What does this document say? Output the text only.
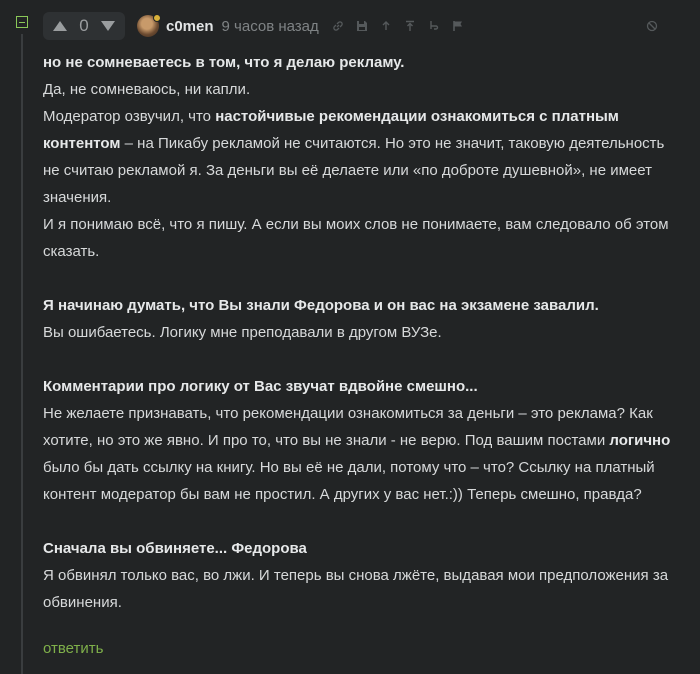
0	c0men 9 часов назад

но не сомневаетесь в том, что я делаю рекламу.
Да, не сомневаюсь, ни капли.
Модератор озвучил, что настойчивые рекомендации ознакомиться с платным контентом – на Пикабу рекламой не считаются. Но это не значит, таковую деятельность не считаю рекламой я. За деньги вы её делаете или «по доброте душевной», не имеет значения.
И я понимаю всё, что я пишу. А если вы моих слов не понимаете, вам следовало об этом сказать.

Я начинаю думать, что Вы знали Федорова и он вас на экзамене завалил.
Вы ошибаетесь. Логику мне преподавали в другом ВУЗе.

Комментарии про логику от Вас звучат вдвойне смешно...
Не желаете признавать, что рекомендации ознакомиться за деньги – это реклама? Как хотите, но это же явно. И про то, что вы не знали - не верю. Под вашим постами логично было бы дать ссылку на книгу. Но вы её не дали, потому что – что? Ссылку на платный контент модератор бы вам не простил. А других у вас нет.:)) Теперь смешно, правда?

Сначала вы обвиняете... Федорова
Я обвинял только вас, во лжи. И теперь вы снова лжёте, выдавая мои предположения за обвинения.

ответить
